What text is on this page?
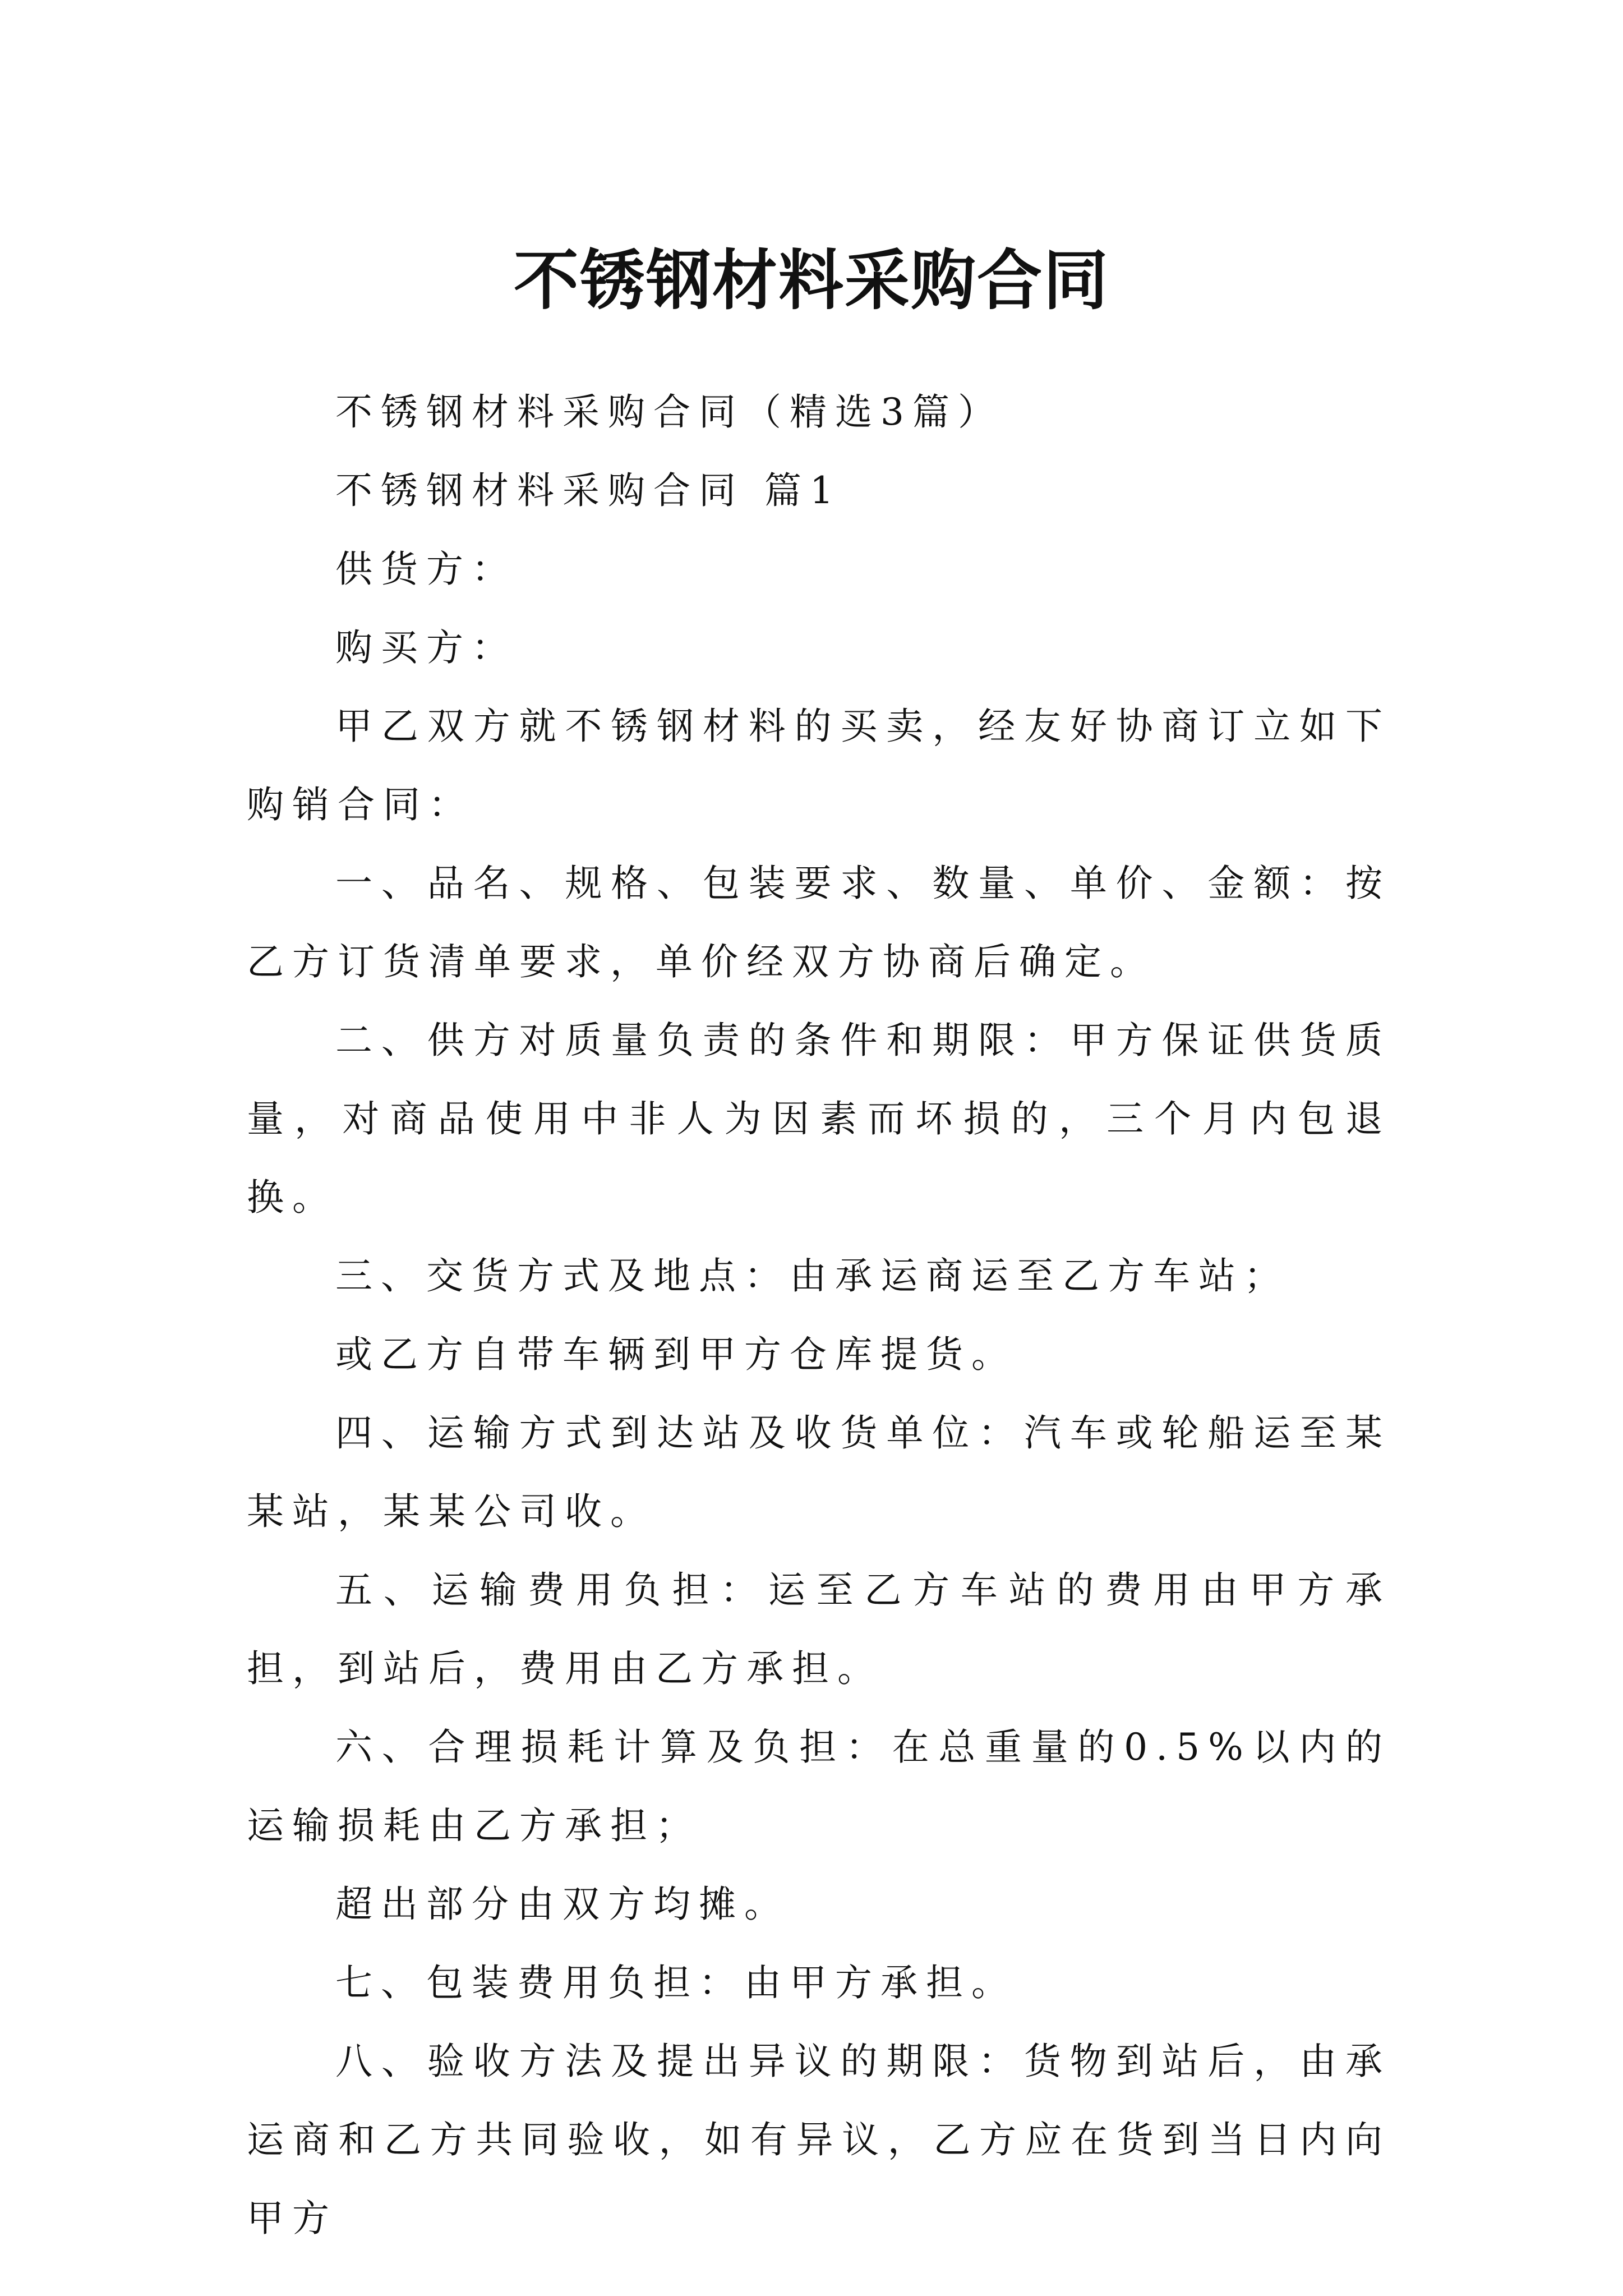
不锈钢材料采购合同

不锈钢材料采购合同（精选3篇）

不锈钢材料采购合同 篇1

供货方：

购买方：

甲乙双方就不锈钢材料的买卖，经友好协商订立如下购销合同：

一、品名、规格、包装要求、数量、单价、金额：按乙方订货清单要求，单价经双方协商后确定。

二、供方对质量负责的条件和期限：甲方保证供货质量，对商品使用中非人为因素而坏损的，三个月内包退换。

三、交货方式及地点：由承运商运至乙方车站；

或乙方自带车辆到甲方仓库提货。

四、运输方式到达站及收货单位：汽车或轮船运至某某站，某某公司收。

五、运输费用负担：运至乙方车站的费用由甲方承担，到站后，费用由乙方承担。

六、合理损耗计算及负担：在总重量的0.5%以内的运输损耗由乙方承担；

超出部分由双方均摊。

七、包装费用负担：由甲方承担。

八、验收方法及提出异议的期限：货物到站后，由承运商和乙方共同验收，如有异议，乙方应在货到当日内向甲方
